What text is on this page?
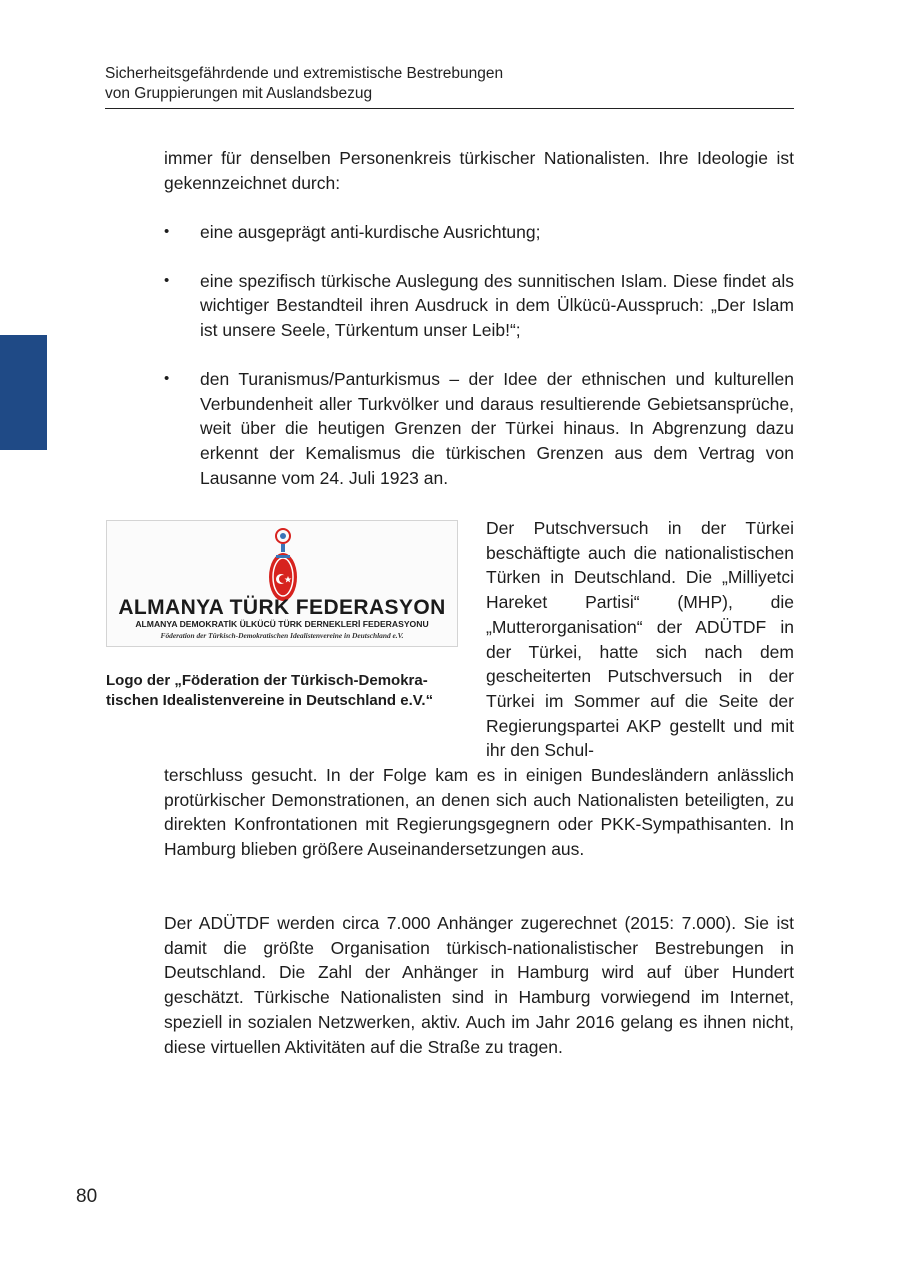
Sicherheitsgefährdende und extremistische Bestrebungen
von Gruppierungen mit Auslandsbezug

immer für denselben Personenkreis türkischer Nationalisten. Ihre Ideologie ist gekennzeichnet durch:

•	eine ausgeprägt anti-kurdische Ausrichtung;
•	eine spezifisch türkische Auslegung des sunnitischen Islam. Diese findet als wichtiger Bestandteil ihren Ausdruck in dem Ülkücü-Ausspruch: „Der Islam ist unsere Seele, Türkentum unser Leib!“;
•	den Turanismus/Panturkismus – der Idee der ethnischen und kulturellen Verbundenheit aller Turkvölker und daraus resultierende Gebietsansprüche, weit über die heutigen Grenzen der Türkei hinaus. In Abgrenzung dazu erkennt der Kemalismus die türkischen Grenzen aus dem Vertrag von Lausanne vom 24. Juli 1923 an.
ALMANYA TÜRK FEDERASYON
ALMANYA DEMOKRATİK ÜLKÜCÜ TÜRK DERNEKLERİ FEDERASYONU
Föderation der Türkisch-Demokratischen Idealistenvereine in Deutschland e.V.
Logo der „Föderation der Türkisch-Demokra-
tischen Idealistenvereine in Deutschland e.V.“

Der Putschversuch in der Türkei beschäftigte auch die nationalistischen Türken in Deutschland. Die „Milliyetci Hareket Partisi“ (MHP), die „Mutterorganisation“ der ADÜTDF in der Türkei, hatte sich nach dem gescheiterten Putschversuch in der Türkei im Sommer auf die Seite der Regierungspartei AKP gestellt und mit ihr den Schul-

terschluss gesucht. In der Folge kam es in einigen Bundesländern anlässlich protürkischer Demonstrationen, an denen sich auch Nationalisten beteiligten, zu direkten Konfrontationen mit Regierungsgegnern oder PKK-Sympathisanten. In Hamburg blieben größere Auseinandersetzungen aus.

Der ADÜTDF werden circa 7.000 Anhänger zugerechnet (2015: 7.000). Sie ist damit die größte Organisation türkisch-nationalistischer Bestrebungen in Deutschland. Die Zahl der Anhänger in Hamburg wird auf über Hundert geschätzt. Türkische Nationalisten sind in Hamburg vorwiegend im Internet, speziell in sozialen Netzwerken, aktiv. Auch im Jahr 2016 gelang es ihnen nicht, diese virtuellen Aktivitäten auf die Straße zu tragen.

80
